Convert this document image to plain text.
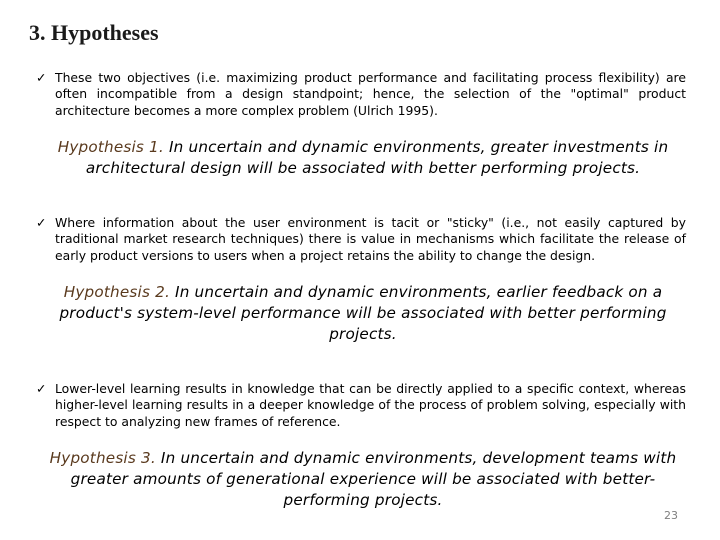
3. Hypotheses
✓ These two objectives (i.e. maximizing product performance and facilitating process flexibility) are often incompatible from a design standpoint; hence, the selection of the "optimal" product architecture becomes a more complex problem (Ulrich 1995).
Hypothesis 1. In uncertain and dynamic environments, greater investments in architectural design will be associated with better performing projects.
✓ Where information about the user environment is tacit or "sticky" (i.e., not easily captured by traditional market research techniques) there is value in mechanisms which facilitate the release of early product versions to users when a project retains the ability to change the design.
Hypothesis 2. In uncertain and dynamic environments, earlier feedback on a product's system-level performance will be associated with better performing projects.
✓ Lower-level learning results in knowledge that can be directly applied to a specific context, whereas higher-level learning results in a deeper knowledge of the process of problem solving, especially with respect to analyzing new frames of reference.
Hypothesis 3. In uncertain and dynamic environments, development teams with greater amounts of generational experience will be associated with better-performing projects.
23
